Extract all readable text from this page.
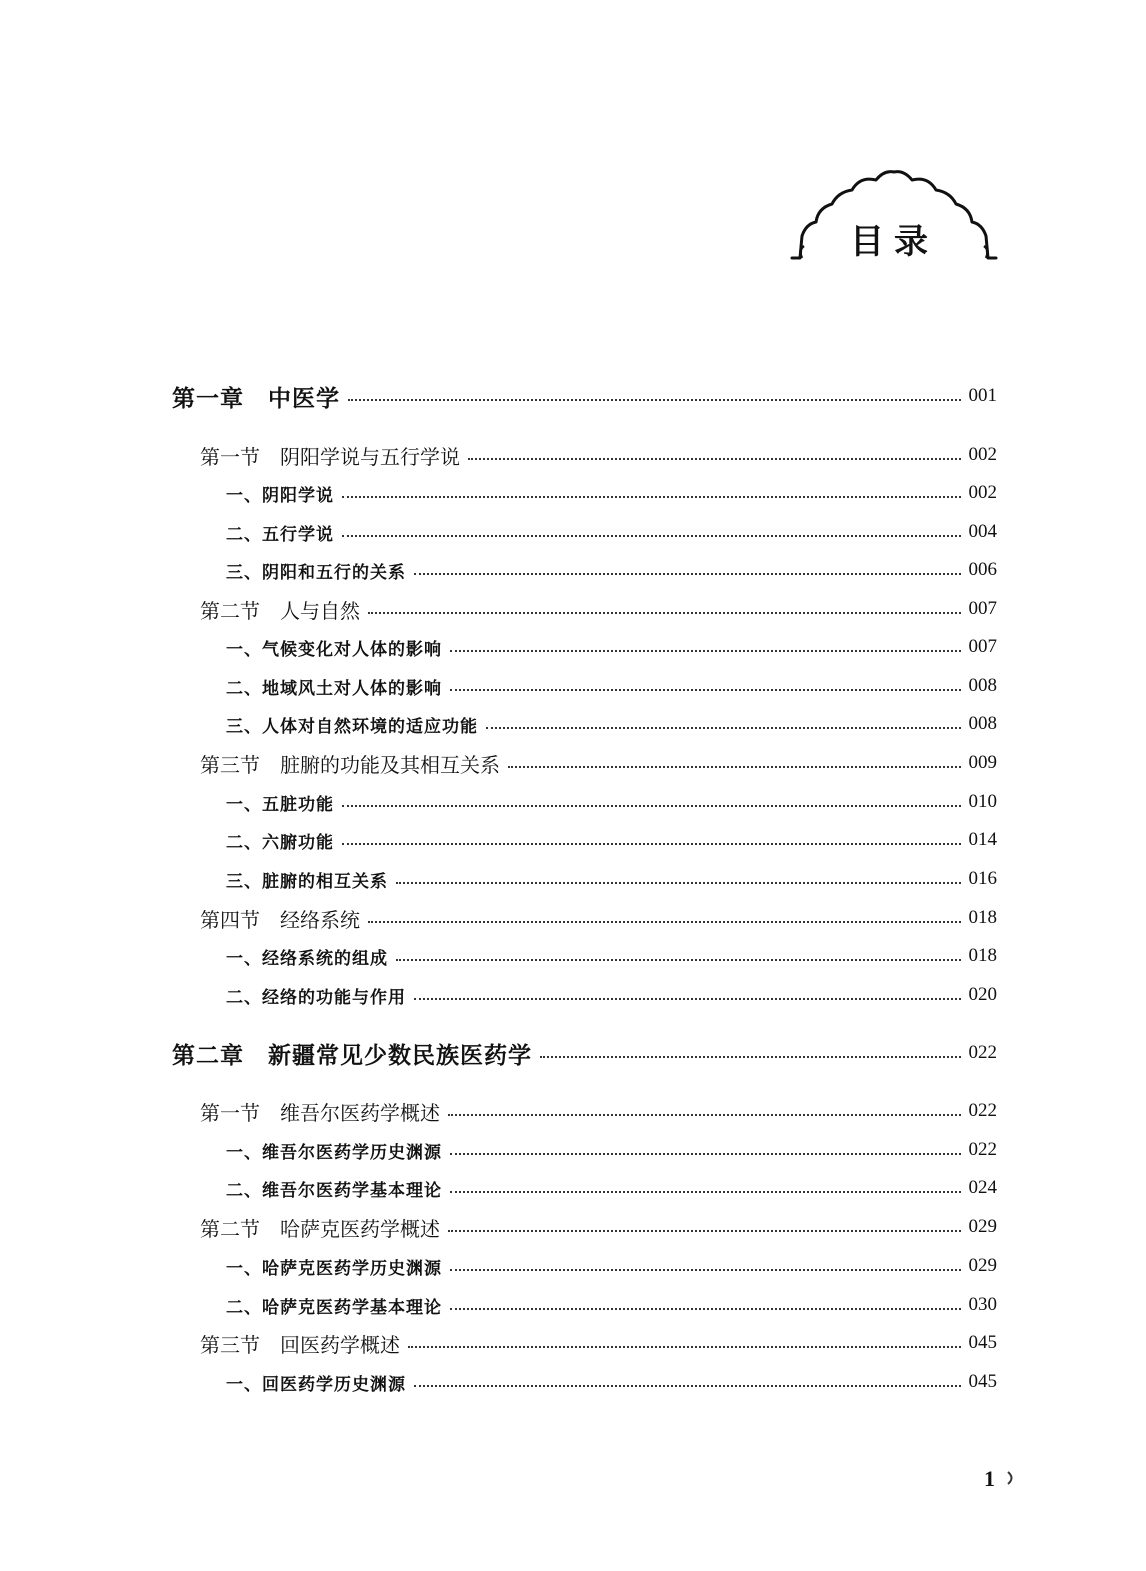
目录
第一章　中医学	001
第一节　阴阳学说与五行学说	002
一、阴阳学说	002
二、五行学说	004
三、阴阳和五行的关系	006
第二节　人与自然	007
一、气候变化对人体的影响	007
二、地域风土对人体的影响	008
三、人体对自然环境的适应功能	008
第三节　脏腑的功能及其相互关系	009
一、五脏功能	010
二、六腑功能	014
三、脏腑的相互关系	016
第四节　经络系统	018
一、经络系统的组成	018
二、经络的功能与作用	020
第二章　新疆常见少数民族医药学	022
第一节　维吾尔医药学概述	022
一、维吾尔医药学历史渊源	022
二、维吾尔医药学基本理论	024
第二节　哈萨克医药学概述	029
一、哈萨克医药学历史渊源	029
二、哈萨克医药学基本理论	030
第三节　回医药学概述	045
一、回医药学历史渊源	045
1
